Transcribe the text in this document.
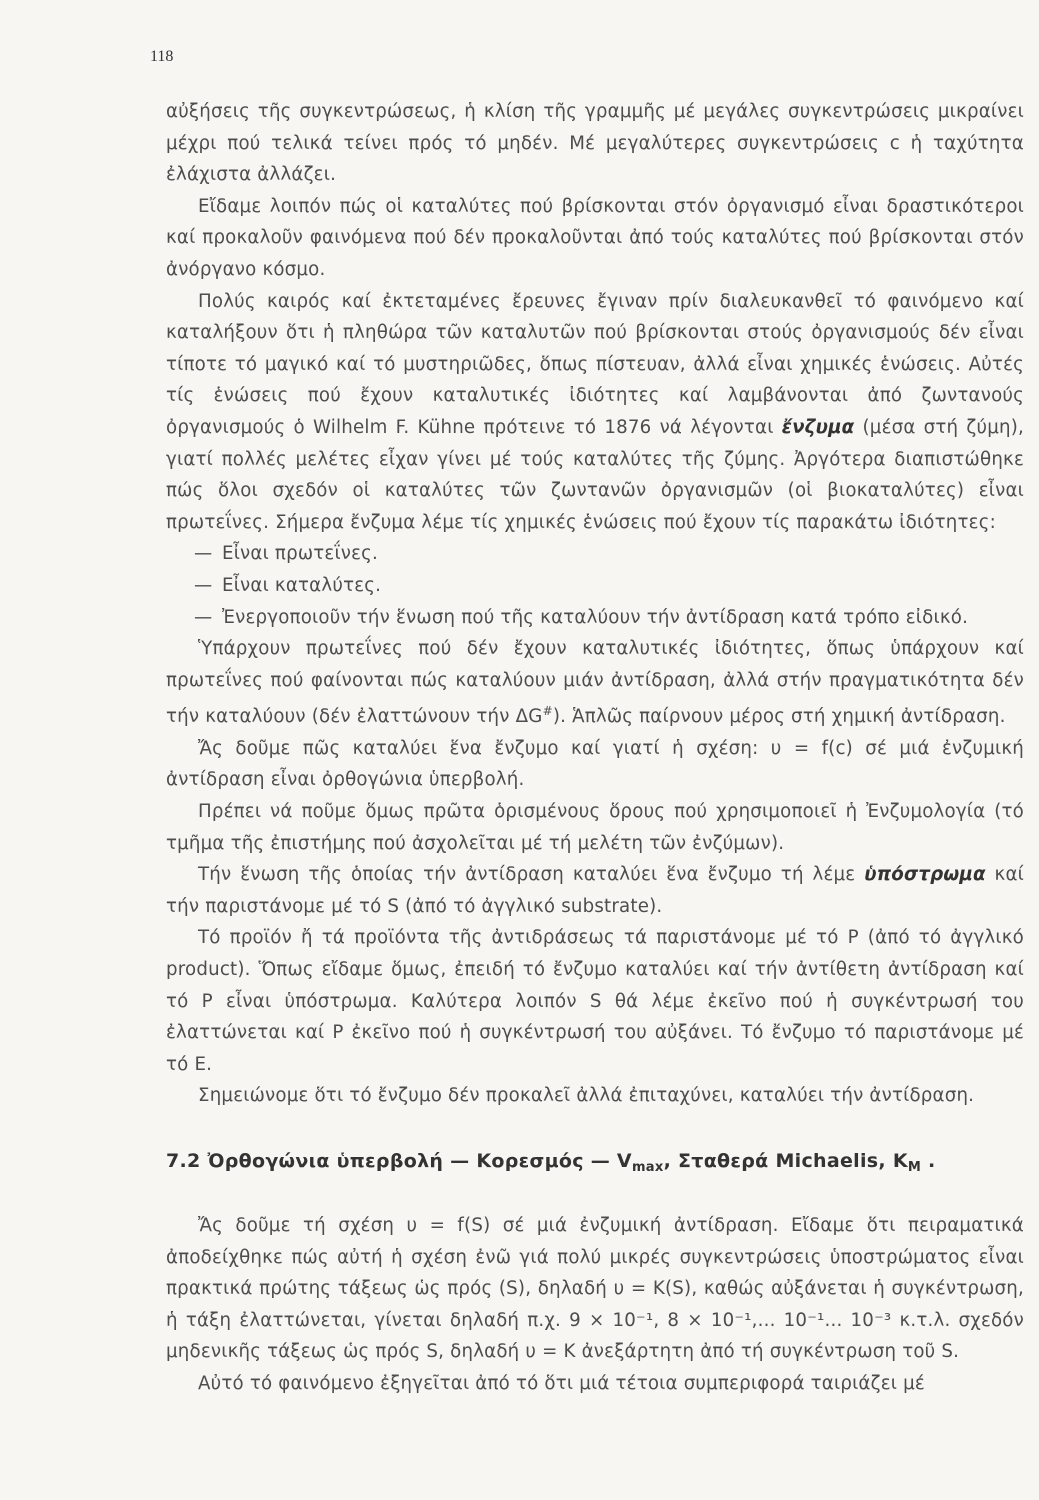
118

αὐξήσεις τῆς συγκεντρώσεως, ἡ κλίση τῆς γραμμῆς μέ μεγάλες συγκεντρώσεις μικραίνει μέχρι πού τελικά τείνει πρός τό μηδέν. Μέ μεγαλύτερες συγκεντρώσεις c ἡ ταχύτητα ἐλάχιστα ἀλλάζει.

Εἴδαμε λοιπόν πώς οἱ καταλύτες πού βρίσκονται στόν ὀργανισμό εἶναι δραστικότεροι καί προκαλοῦν φαινόμενα πού δέν προκαλοῦνται ἀπό τούς καταλύτες πού βρίσκονται στόν ἀνόργανο κόσμο.

Πολύς καιρός καί ἐκτεταμένες ἔρευνες ἔγιναν πρίν διαλευκανθεῖ τό φαινόμενο καί καταλήξουν ὅτι ἡ πληθώρα τῶν καταλυτῶν πού βρίσκονται στούς ὀργανισμούς δέν εἶναι τίποτε τό μαγικό καί τό μυστηριῶδες, ὅπως πίστευαν, ἀλλά εἶναι χημικές ἑνώσεις. Αὐτές τίς ἑνώσεις πού ἔχουν καταλυτικές ἰδιότητες καί λαμβάνονται ἀπό ζωντανούς ὀργανισμούς ὁ Wilhelm F. Kühne πρότεινε τό 1876 νά λέγονται ἔνζυμα (μέσα στή ζύμη), γιατί πολλές μελέτες εἶχαν γίνει μέ τούς καταλύτες τῆς ζύμης. Ἀργότερα διαπιστώθηκε πώς ὅλοι σχεδόν οἱ καταλύτες τῶν ζωντανῶν ὀργανισμῶν (οἱ βιοκαταλύτες) εἶναι πρωτεΐνες. Σήμερα ἔνζυμα λέμε τίς χημικές ἑνώσεις πού ἔχουν τίς παρακάτω ἰδιότητες:

— Εἶναι πρωτεΐνες.
— Εἶναι καταλύτες.
— Ἐνεργοποιοῦν τήν ἕνωση πού τῆς καταλύουν τήν ἀντίδραση κατά τρόπο εἰδικό.

Ὑπάρχουν πρωτεΐνες πού δέν ἔχουν καταλυτικές ἰδιότητες, ὅπως ὑπάρχουν καί πρωτεΐνες πού φαίνονται πώς καταλύουν μιάν ἀντίδραση, ἀλλά στήν πραγματικότητα δέν τήν καταλύουν (δέν ἐλαττώνουν τήν ΔG#). Ἁπλῶς παίρνουν μέρος στή χημική ἀντίδραση.

Ἄς δοῦμε πῶς καταλύει ἕνα ἔνζυμο καί γιατί ἡ σχέση: υ = f(c) σέ μιά ἐνζυμική ἀντίδραση εἶναι ὀρθογώνια ὑπερβολή.

Πρέπει νά ποῦμε ὅμως πρῶτα ὁρισμένους ὅρους πού χρησιμοποιεῖ ἡ Ἐνζυμολογία (τό τμῆμα τῆς ἐπιστήμης πού ἀσχολεῖται μέ τή μελέτη τῶν ἐνζύμων).

Τήν ἕνωση τῆς ὁποίας τήν ἀντίδραση καταλύει ἕνα ἔνζυμο τή λέμε ὑπόστρωμα καί τήν παριστάνομε μέ τό S (ἀπό τό ἀγγλικό substrate).

Τό προϊόν ἤ τά προϊόντα τῆς ἀντιδράσεως τά παριστάνομε μέ τό P (ἀπό τό ἀγγλικό product). Ὅπως εἴδαμε ὅμως, ἐπειδή τό ἔνζυμο καταλύει καί τήν ἀντίθετη ἀντίδραση καί τό P εἶναι ὑπόστρωμα. Καλύτερα λοιπόν S θά λέμε ἐκεῖνο πού ἡ συγκέντρωσή του ἐλαττώνεται καί P ἐκεῖνο πού ἡ συγκέντρωσή του αὐξάνει. Τό ἔνζυμο τό παριστάνομε μέ τό E.

Σημειώνομε ὅτι τό ἔνζυμο δέν προκαλεῖ ἀλλά ἐπιταχύνει, καταλύει τήν ἀντίδραση.

7.2 Ὀρθογώνια ὑπερβολή — Κορεσμός — $V_{max}$, Σταθερά Michaelis, $K_M$ .

Ἄς δοῦμε τή σχέση υ = f(S) σέ μιά ἐνζυμική ἀντίδραση. Εἴδαμε ὅτι πειραματικά ἀποδείχθηκε πώς αὐτή ἡ σχέση ἐνῶ γιά πολύ μικρές συγκεντρώσεις ὑποστρώματος εἶναι πρακτικά πρώτης τάξεως ὡς πρός (S), δηλαδή υ = K(S), καθώς αὐξάνεται ἡ συγκέντρωση, ἡ τάξη ἐλαττώνεται, γίνεται δηλαδή π.χ. 9 × 10⁻¹, 8 × 10⁻¹,... 10⁻¹... 10⁻³ κ.τ.λ. σχεδόν μηδενικῆς τάξεως ὡς πρός S, δηλαδή υ = K ἀνεξάρτητη ἀπό τή συγκέντρωση τοῦ S.

Αὐτό τό φαινόμενο ἐξηγεῖται ἀπό τό ὅτι μιά τέτοια συμπεριφορά ταιριάζει μέ
